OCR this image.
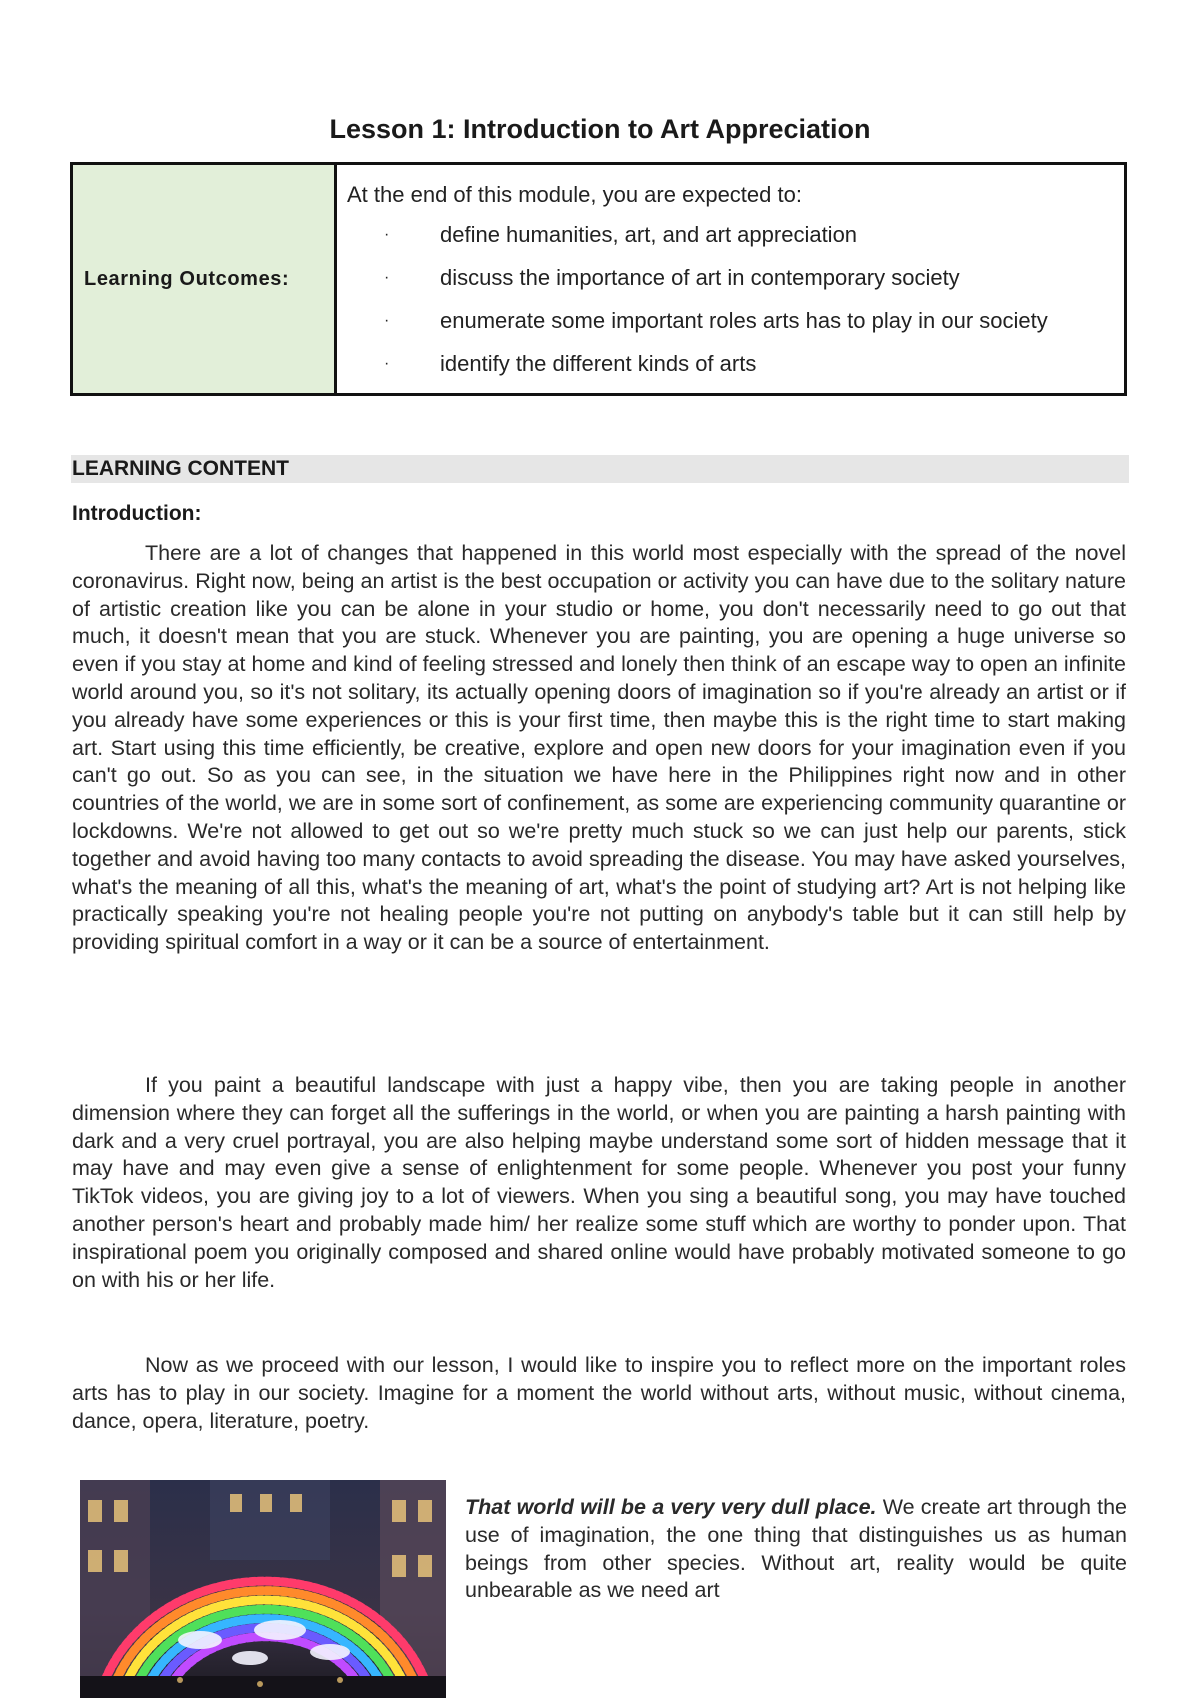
Lesson 1: Introduction to Art Appreciation
Learning Outcomes:
At the end of this module, you are expected to:
·	define humanities, art, and art appreciation
·	discuss the importance of art in contemporary society
·	enumerate some important roles arts has to play in our society
·	identify the different kinds of arts
LEARNING CONTENT
Introduction:

There are a lot of changes that happened in this world most especially with the spread of the novel coronavirus. Right now, being an artist is the best occupation or activity you can have due to the solitary nature of artistic creation like you can be alone in your studio or home, you don't necessarily need to go out that much, it doesn't mean that you are stuck. Whenever you are painting, you are opening a huge universe so even if you stay at home and kind of feeling stressed and lonely then think of an escape way to open an infinite world around you, so it's not solitary, its actually opening doors of imagination so if you're already an artist or if you already have some experiences or this is your first time, then maybe this is the right time to start making art. Start using this time efficiently, be creative, explore and open new doors for your imagination even if you can't go out. So as you can see, in the situation we have here in the Philippines right now and in other countries of the world, we are in some sort of confinement, as some are experiencing community quarantine or lockdowns. We're not allowed to get out so we're pretty much stuck so we can just help our parents, stick together and avoid having too many contacts to avoid spreading the disease. You may have asked yourselves, what's the meaning of all this, what's the meaning of art, what's the point of studying art? Art is not helping like practically speaking you're not healing people you're not putting on anybody's table but it can still help by providing spiritual comfort in a way or it can be a source of entertainment.

If you paint a beautiful landscape with just a happy vibe, then you are taking people in another dimension where they can forget all the sufferings in the world, or when you are painting a harsh painting with dark and a very cruel portrayal, you are also helping maybe understand some sort of hidden message that it may have and may even give a sense of enlightenment for some people. Whenever you post your funny TikTok videos, you are giving joy to a lot of viewers. When you sing a beautiful song, you may have touched another person's heart and probably made him/ her realize some stuff which are worthy to ponder upon. That inspirational poem you originally composed and shared online would have probably motivated someone to go on with his or her life.

Now as we proceed with our lesson, I would like to inspire you to reflect more on the important roles arts has to play in our society. Imagine for a moment the world without arts, without music, without cinema, dance, opera, literature, poetry.

That world will be a very very dull place. We create art through the use of imagination, the one thing that distinguishes us as human beings from other species. Without art, reality would be quite unbearable as we need art
